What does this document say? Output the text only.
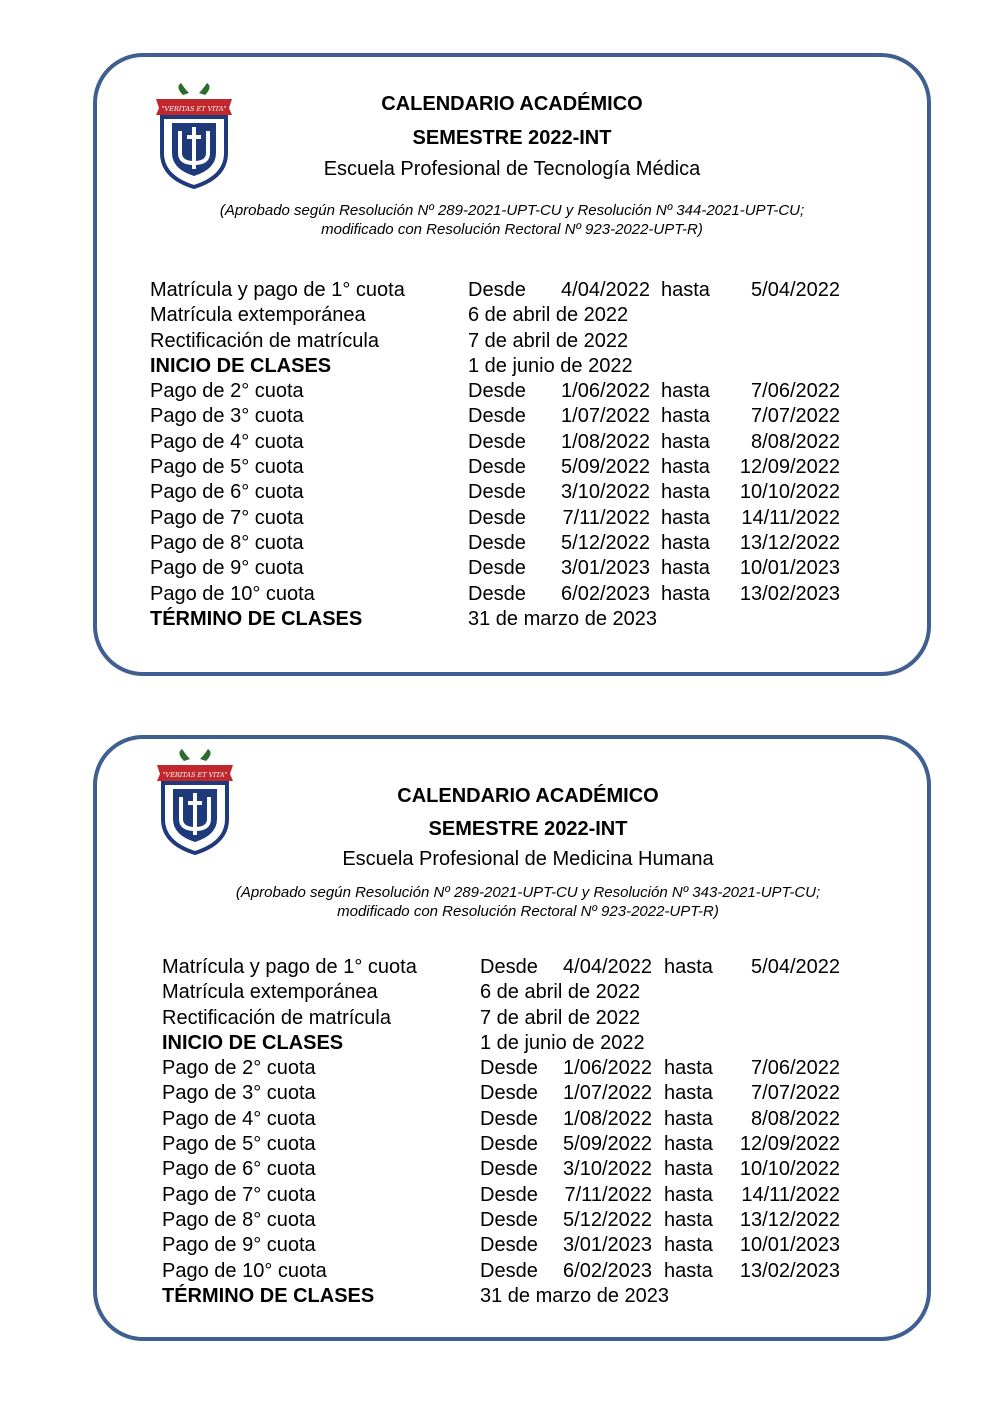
"VERITAS ET VITA"	CALENDARIO ACADÉMICO
SEMESTRE 2022-INT
Escuela Profesional de Tecnología Médica
(Aprobado según Resolución Nº 289-2021-UPT-CU y Resolución Nº 344-2021-UPT-CU;
modificado con Resolución Rectoral Nº 923-2022-UPT-R)
Matrícula y pago de 1° cuota	Desde 4/04/2022 hasta 5/04/2022
Matrícula extemporánea	6 de abril de 2022
Rectificación de matrícula	7 de abril de 2022
INICIO DE CLASES	1 de junio de 2022
Pago de 2° cuota	Desde 1/06/2022 hasta 7/06/2022
Pago de 3° cuota	Desde 1/07/2022 hasta 7/07/2022
Pago de 4° cuota	Desde 1/08/2022 hasta 8/08/2022
Pago de 5° cuota	Desde 5/09/2022 hasta 12/09/2022
Pago de 6° cuota	Desde 3/10/2022 hasta 10/10/2022
Pago de 7° cuota	Desde 7/11/2022 hasta 14/11/2022
Pago de 8° cuota	Desde 5/12/2022 hasta 13/12/2022
Pago de 9° cuota	Desde 3/01/2023 hasta 10/01/2023
Pago de 10° cuota	Desde 6/02/2023 hasta 13/02/2023
TÉRMINO DE CLASES	31 de marzo de 2023
"VERITAS ET VITA"
CALENDARIO ACADÉMICO
SEMESTRE 2022-INT
Escuela Profesional de Medicina Humana
(Aprobado según Resolución Nº 289-2021-UPT-CU y Resolución Nº 343-2021-UPT-CU;
modificado con Resolución Rectoral Nº 923-2022-UPT-R)
Matrícula y pago de 1° cuota	Desde 4/04/2022 hasta 5/04/2022
Matrícula extemporánea	6 de abril de 2022
Rectificación de matrícula	7 de abril de 2022
INICIO DE CLASES	1 de junio de 2022
Pago de 2° cuota	Desde 1/06/2022 hasta 7/06/2022
Pago de 3° cuota	Desde 1/07/2022 hasta 7/07/2022
Pago de 4° cuota	Desde 1/08/2022 hasta 8/08/2022
Pago de 5° cuota	Desde 5/09/2022 hasta 12/09/2022
Pago de 6° cuota	Desde 3/10/2022 hasta 10/10/2022
Pago de 7° cuota	Desde 7/11/2022 hasta 14/11/2022
Pago de 8° cuota	Desde 5/12/2022 hasta 13/12/2022
Pago de 9° cuota	Desde 3/01/2023 hasta 10/01/2023
Pago de 10° cuota	Desde 6/02/2023 hasta 13/02/2023
TÉRMINO DE CLASES	31 de marzo de 2023
